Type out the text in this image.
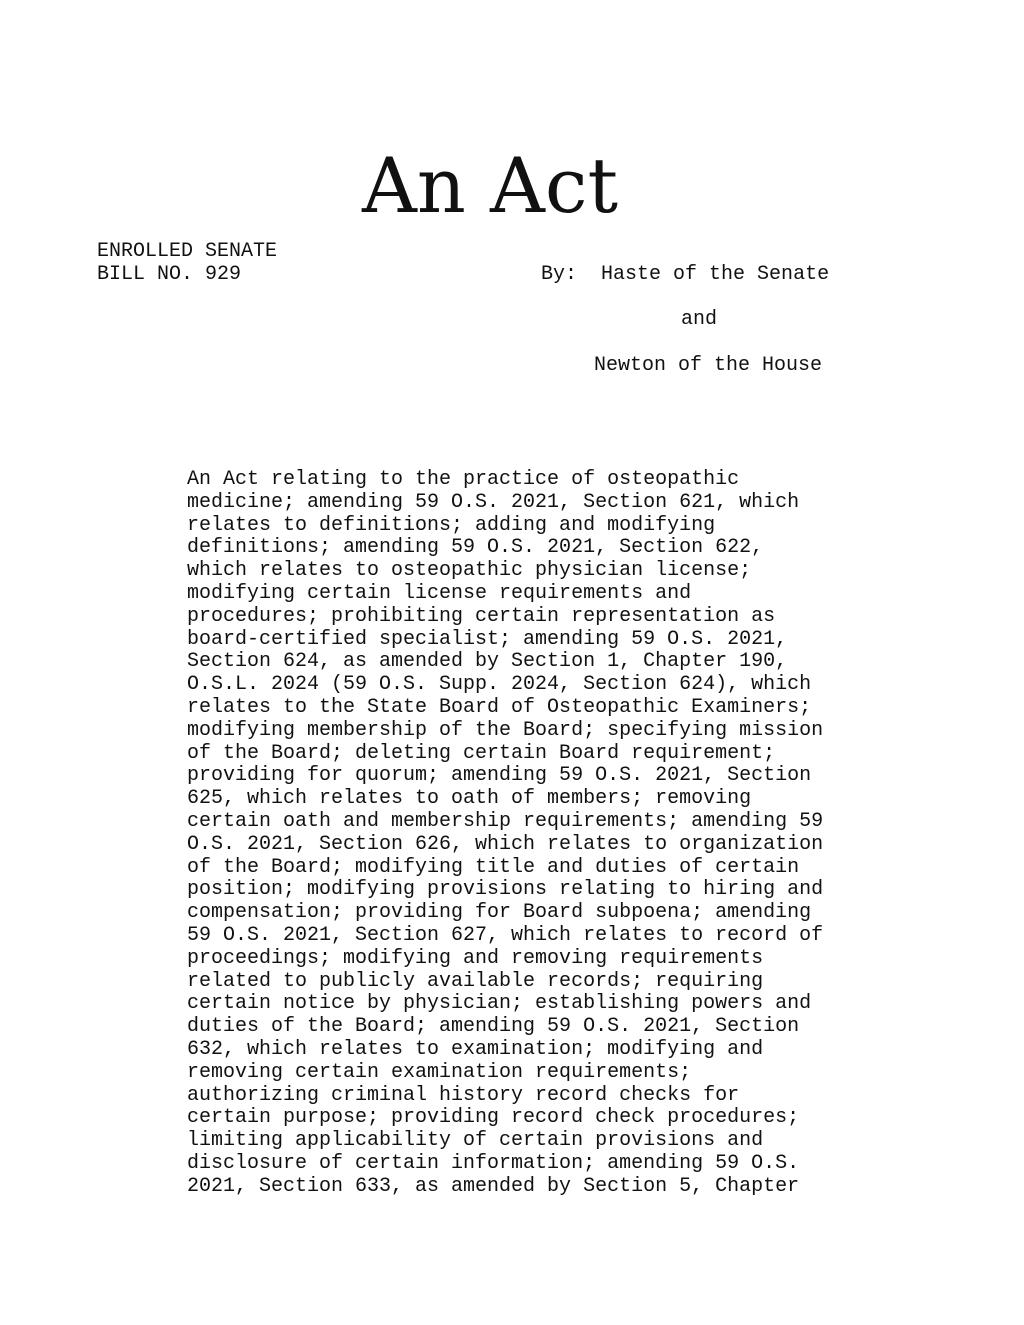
An Act
ENROLLED SENATE
BILL NO. 929	By: Haste of the Senate
and
Newton of the House
An Act relating to the practice of osteopathic
medicine; amending 59 O.S. 2021, Section 621, which
relates to definitions; adding and modifying
definitions; amending 59 O.S. 2021, Section 622,
which relates to osteopathic physician license;
modifying certain license requirements and
procedures; prohibiting certain representation as
board-certified specialist; amending 59 O.S. 2021,
Section 624, as amended by Section 1, Chapter 190,
O.S.L. 2024 (59 O.S. Supp. 2024, Section 624), which
relates to the State Board of Osteopathic Examiners;
modifying membership of the Board; specifying mission
of the Board; deleting certain Board requirement;
providing for quorum; amending 59 O.S. 2021, Section
625, which relates to oath of members; removing
certain oath and membership requirements; amending 59
O.S. 2021, Section 626, which relates to organization
of the Board; modifying title and duties of certain
position; modifying provisions relating to hiring and
compensation; providing for Board subpoena; amending
59 O.S. 2021, Section 627, which relates to record of
proceedings; modifying and removing requirements
related to publicly available records; requiring
certain notice by physician; establishing powers and
duties of the Board; amending 59 O.S. 2021, Section
632, which relates to examination; modifying and
removing certain examination requirements;
authorizing criminal history record checks for
certain purpose; providing record check procedures;
limiting applicability of certain provisions and
disclosure of certain information; amending 59 O.S.
2021, Section 633, as amended by Section 5, Chapter
